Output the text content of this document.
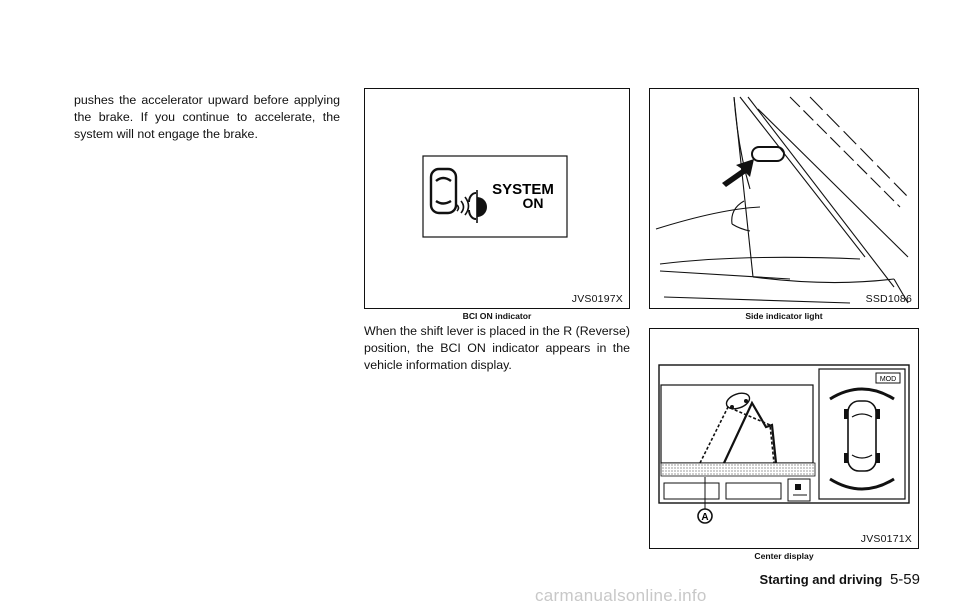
pushes the accelerator upward before applying the brake. If you continue to accelerate, the system will not engage the brake.

SYSTEM
ON
JVS0197X
BCI ON indicator

When the shift lever is placed in the R (Reverse) position, the BCI ON indicator appears in the vehicle information display.

SSD1086
Side indicator light
MOD
A
JVS0171X
Center display
Starting and driving 5-59
carmanualsonline.info
